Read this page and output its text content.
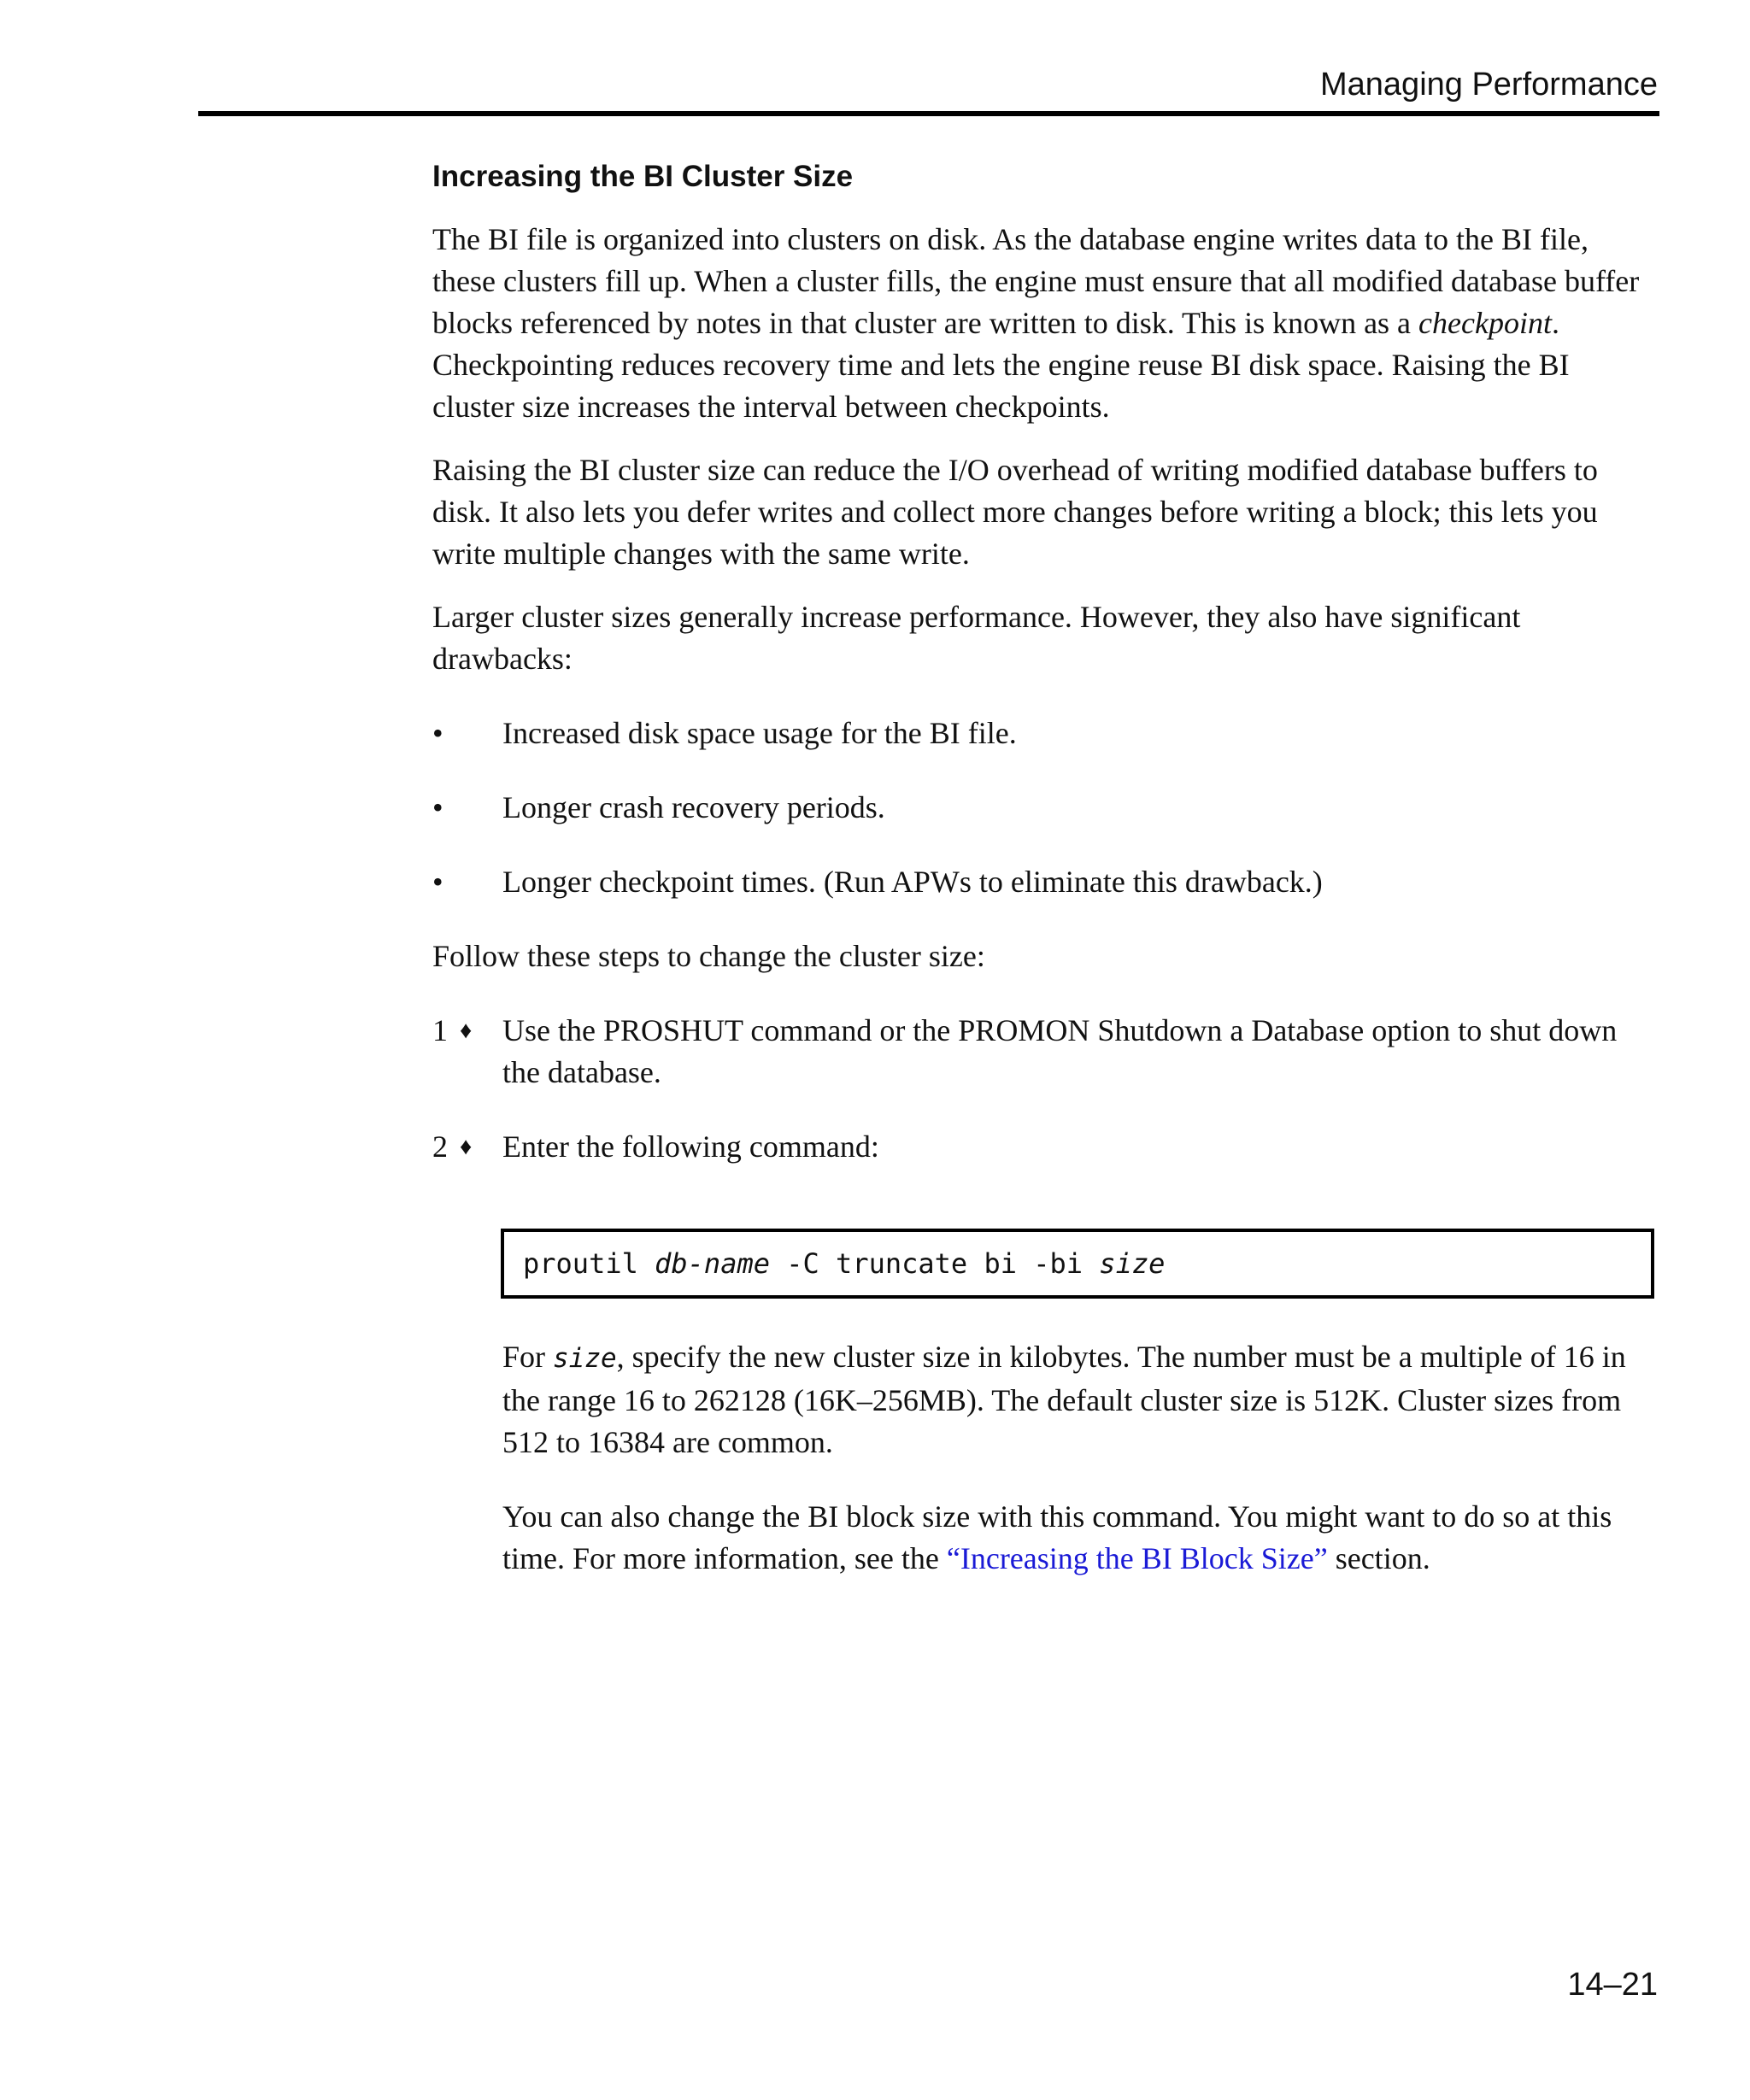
Managing Performance
Increasing the BI Cluster Size

The BI file is organized into clusters on disk. As the database engine writes data to the BI file, these clusters fill up. When a cluster fills, the engine must ensure that all modified database buffer blocks referenced by notes in that cluster are written to disk. This is known as a checkpoint. Checkpointing reduces recovery time and lets the engine reuse BI disk space. Raising the BI cluster size increases the interval between checkpoints.

Raising the BI cluster size can reduce the I/O overhead of writing modified database buffers to disk. It also lets you defer writes and collect more changes before writing a block; this lets you write multiple changes with the same write.

Larger cluster sizes generally increase performance. However, they also have significant drawbacks:

• Increased disk space usage for the BI file.
• Longer crash recovery periods.
• Longer checkpoint times. (Run APWs to eliminate this drawback.)
Follow these steps to change the cluster size:
1 ♦ Use the PROSHUT command or the PROMON Shutdown a Database option to shut down the database.
2 ♦ Enter the following command:
proutil db-name -C truncate bi -bi size

For size, specify the new cluster size in kilobytes. The number must be a multiple of 16 in the range 16 to 262128 (16K–256MB). The default cluster size is 512K. Cluster sizes from 512 to 16384 are common.

You can also change the BI block size with this command. You might want to do so at this time. For more information, see the “Increasing the BI Block Size” section.

14–21
